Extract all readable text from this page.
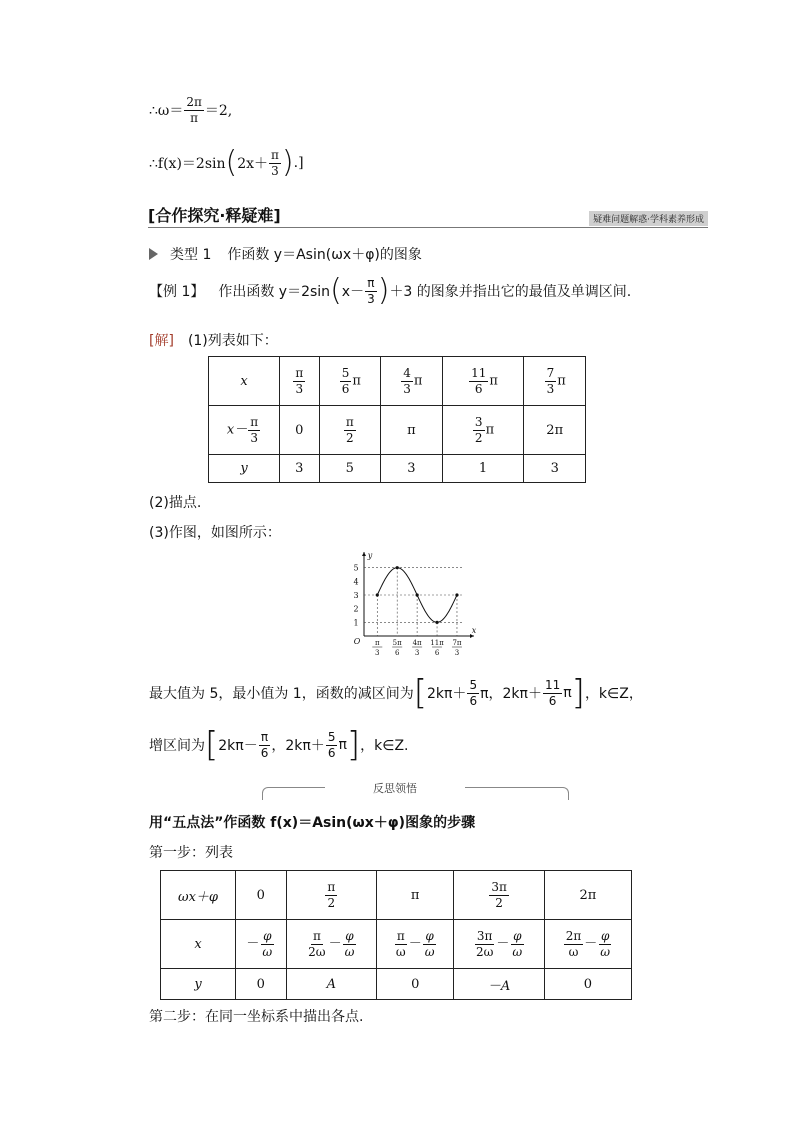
∴ω＝ $\frac{2\pi}{\pi} =2$,
∴f(x)＝2sin ( $2x+ \frac{\pi}{3}$ ) .]
[合作探究·释疑难]	疑难问题解惑·学科素养形成
类型 1 作函数 y＝Asin(ωx＋φ)的图象
【例 1】 作出函数 y＝2sin ( $x- \frac{\pi}{3}$ ) ＋3 的图象并指出它的最值及单调区间.
[解] (1)列表如下：
x	$\frac{\pi}{3}$	$\frac{5}{6}$ π	$\frac{4}{3}$ π	$\frac{11}{6}$ π	$\frac{7}{3}$ π
$x- \frac{\pi}{3}$	0	$\frac{\pi}{2}$	π	$\frac{3}{2}$ π	2π
y	3	5	3	1	3
(2)描点.
(3)作图，如图所示：
x
y
O
1
2
3
4
5
π
3
5π
6
4π
3
11π
6
7π
3
最大值为 5，最小值为 1，函数的减区间为 [ $2k\pi+ \frac{5}{6}$ π，$2k\pi+ \frac{11}{6}$ π ] ，k∈Z，
增区间为 [ $2k\pi- \frac{\pi}{6}$ ，$2k\pi+ \frac{5}{6}$ π ] ，k∈Z.
反思领悟
用“五点法”作函数 f(x)＝Asin(ωx＋φ)图象的步骤
第一步：列表
ωx＋φ	0	$\frac{\pi}{2}$	π	$\frac{3\pi}{2}$	2π
x	－ $\frac{\varphi}{\omega}$	$\frac{\pi}{2\omega} - \frac{\varphi}{\omega}$	$\frac{\pi}{\omega} - \frac{\varphi}{\omega}$	$\frac{3\pi}{2\omega} - \frac{\varphi}{\omega}$	$\frac{2\pi}{\omega} - \frac{\varphi}{\omega}$

y	0	A	0	－A	0
第二步：在同一坐标系中描出各点.
